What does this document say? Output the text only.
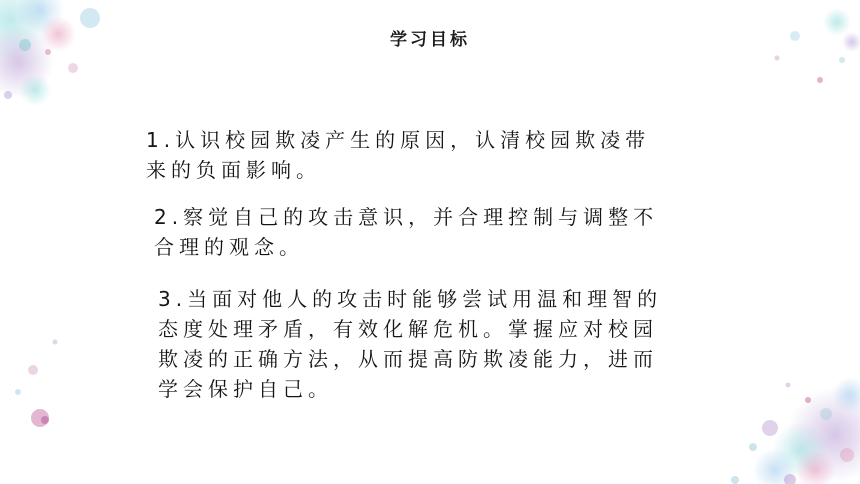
学习目标
1.认识校园欺凌产生的原因，认清校园欺凌带
来的负面影响。
2.察觉自己的攻击意识，并合理控制与调整不
合理的观念。
3.当面对他人的攻击时能够尝试用温和理智的
态度处理矛盾，有效化解危机。掌握应对校园
欺凌的正确方法，从而提高防欺凌能力，进而
学会保护自己。
